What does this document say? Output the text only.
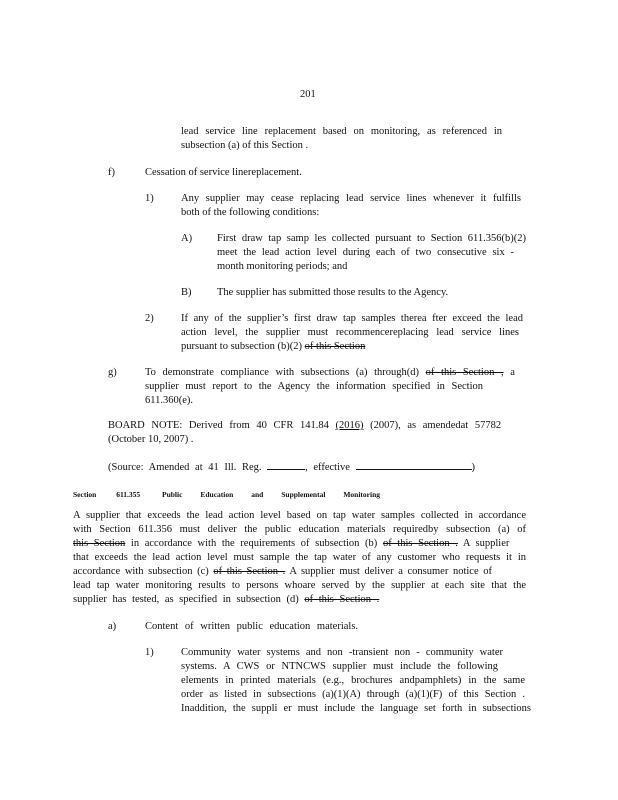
201
lead service line replacement based on monitoring, as referenced in
subsection (a) of this Section .
f)	Cessation of service linereplacement.
1)	Any supplier may cease replacing lead service lines whenever it fulfills
both of the following conditions:
A) First draw tap samp les collected pursuant to Section 611.356(b)(2)
meet the lead action level during each of two consecutive six -
month monitoring periods; and
B) The supplier has submitted those results to the Agency.
2)	If any of the supplier’s first draw tap samples therea fter exceed the lead
action level, the supplier must recommencereplacing lead service lines
pursuant to subsection (b)(2) of this Section
g)	To demonstrate compliance with subsections (a) through(d) of this Section , a
supplier must report to the Agency the information specified in Section
611.360(e).
BOARD NOTE: Derived from 40 CFR 141.84 (2016) (2007), as amendedat 57782
(October 10, 2007) .
(Source: Amended at 41 Ill. Reg.	, effective	)
Section 611.355	Public Education and Supplemental Monitoring
A supplier that exceeds the lead action level based on tap water samples collected in accordance
with Section 611.356 must deliver the public education materials requiredby subsection (a) of
this Section in accordance with the requirements of subsection (b) of this Section . A supplier
that exceeds the lead action level must sample the tap water of any customer who requests it in
accordance with subsection (c) of this Section . A supplier must deliver a consumer notice of
lead tap water monitoring results to persons whoare served by the supplier at each site that the
supplier has tested, as specified in subsection (d) of this Section .
a)	Content of written public education materials.
1)	Community water systems and non -transient non - community water
systems. A CWS or NTNCWS supplier must include the following
elements in printed materials (e.g., brochures andpamphlets) in the same
order as listed in subsections (a)(1)(A) through (a)(1)(F) of this Section .
Inaddition, the suppli er must include the language set forth in subsections
